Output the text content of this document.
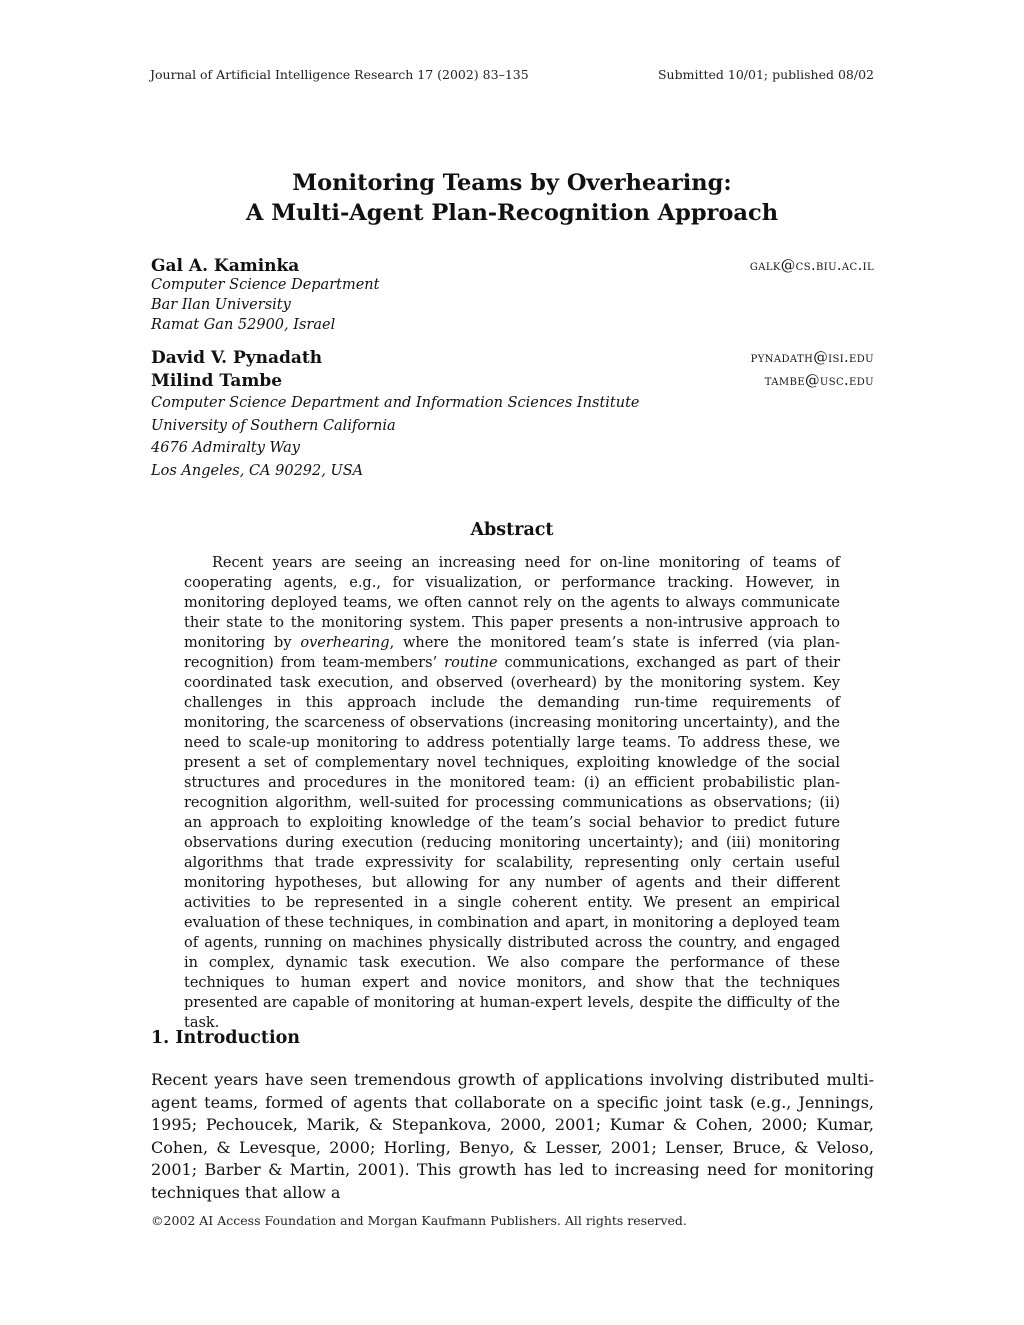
Journal of Artificial Intelligence Research 17 (2002) 83–135	Submitted 10/01; published 08/02
Monitoring Teams by Overhearing:
A Multi-Agent Plan-Recognition Approach
Gal A. Kaminka	galk@cs.biu.ac.il
Computer Science Department
Bar Ilan University
Ramat Gan 52900, Israel
David V. Pynadath	pynadath@isi.edu
Milind Tambe	tambe@usc.edu
Computer Science Department and Information Sciences Institute
University of Southern California
4676 Admiralty Way
Los Angeles, CA 90292, USA
Abstract

Recent years are seeing an increasing need for on-line monitoring of teams of cooperating agents, e.g., for visualization, or performance tracking. However, in monitoring deployed teams, we often cannot rely on the agents to always communicate their state to the monitoring system. This paper presents a non-intrusive approach to monitoring by overhearing, where the monitored team’s state is inferred (via plan-recognition) from team-members’ routine communications, exchanged as part of their coordinated task execution, and observed (overheard) by the monitoring system. Key challenges in this approach include the demanding run-time requirements of monitoring, the scarceness of observations (increasing monitoring uncertainty), and the need to scale-up monitoring to address potentially large teams. To address these, we present a set of complementary novel techniques, exploiting knowledge of the social structures and procedures in the monitored team: (i) an efficient probabilistic plan-recognition algorithm, well-suited for processing communications as observations; (ii) an approach to exploiting knowledge of the team’s social behavior to predict future observations during execution (reducing monitoring uncertainty); and (iii) monitoring algorithms that trade expressivity for scalability, representing only certain useful monitoring hypotheses, but allowing for any number of agents and their different activities to be represented in a single coherent entity. We present an empirical evaluation of these techniques, in combination and apart, in monitoring a deployed team of agents, running on machines physically distributed across the country, and engaged in complex, dynamic task execution. We also compare the performance of these techniques to human expert and novice monitors, and show that the techniques presented are capable of monitoring at human-expert levels, despite the difficulty of the task.

1. Introduction

Recent years have seen tremendous growth of applications involving distributed multi-agent teams, formed of agents that collaborate on a specific joint task (e.g., Jennings, 1995; Pechoucek, Marik, & Stepankova, 2000, 2001; Kumar & Cohen, 2000; Kumar, Cohen, & Levesque, 2000; Horling, Benyo, & Lesser, 2001; Lenser, Bruce, & Veloso, 2001; Barber & Martin, 2001). This growth has led to increasing need for monitoring techniques that allow a

©2002 AI Access Foundation and Morgan Kaufmann Publishers. All rights reserved.
